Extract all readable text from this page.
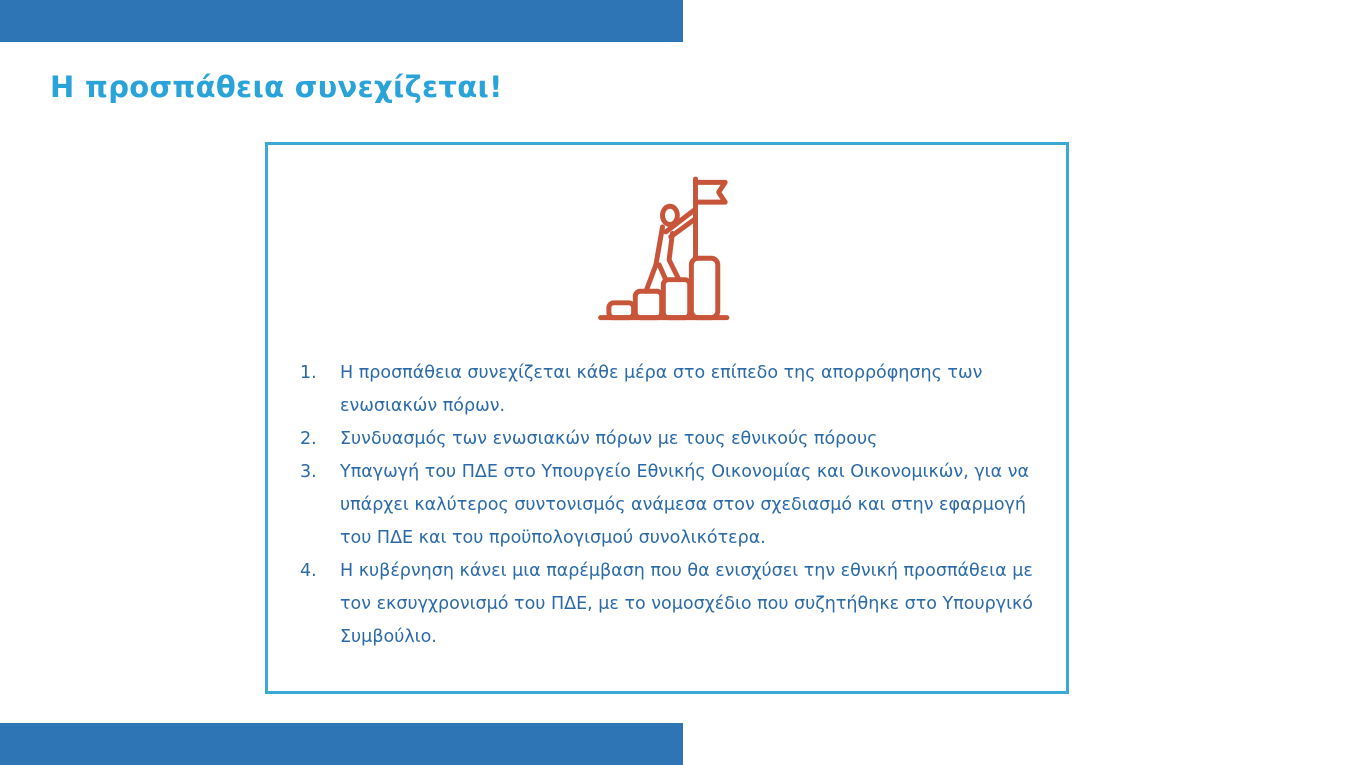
Η προσπάθεια συνεχίζεται!
1. Η προσπάθεια συνεχίζεται κάθε μέρα στο επίπεδο της απορρόφησης των ενωσιακών πόρων.
2. Συνδυασμός των ενωσιακών πόρων με τους εθνικούς πόρους
3. Υπαγωγή του ΠΔΕ στο Υπουργείο Εθνικής Οικονομίας και Οικονομικών, για να υπάρχει καλύτερος συντονισμός ανάμεσα στον σχεδιασμό και στην εφαρμογή του ΠΔΕ και του προϋπολογισμού συνολικότερα.
4. Η κυβέρνηση κάνει μια παρέμβαση που θα ενισχύσει την εθνική προσπάθεια με τον εκσυγχρονισμό του ΠΔΕ, με το νομοσχέδιο που συζητήθηκε στο Υπουργικό Συμβούλιο.
